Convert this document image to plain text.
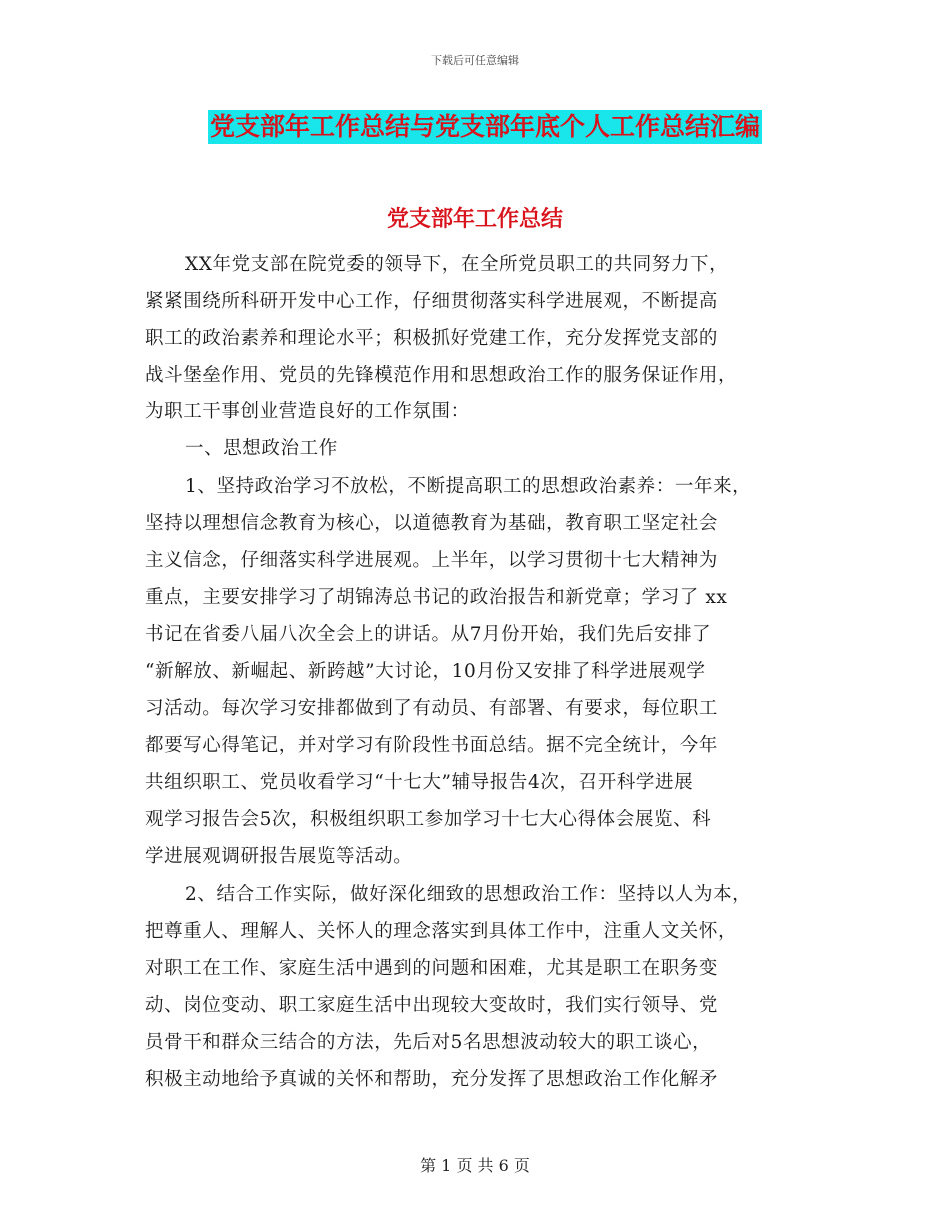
下载后可任意编辑
党支部年工作总结与党支部年底个人工作总结汇编
党支部年工作总结
XX年党支部在院党委的领导下，在全所党员职工的共同努力下，
紧紧围绕所科研开发中心工作，仔细贯彻落实科学进展观，不断提高
职工的政治素养和理论水平；积极抓好党建工作，充分发挥党支部的
战斗堡垒作用、党员的先锋模范作用和思想政治工作的服务保证作用，
为职工干事创业营造良好的工作氛围：
一、思想政治工作
1、坚持政治学习不放松，不断提高职工的思想政治素养：一年来，
坚持以理想信念教育为核心，以道德教育为基础，教育职工坚定社会
主义信念，仔细落实科学进展观。上半年，以学习贯彻十七大精神为
重点，主要安排学习了胡锦涛总书记的政治报告和新党章；学习了 xx
书记在省委八届八次全会上的讲话。从7月份开始，我们先后安排了
“新解放、新崛起、新跨越”大讨论，10月份又安排了科学进展观学
习活动。每次学习安排都做到了有动员、有部署、有要求，每位职工
都要写心得笔记，并对学习有阶段性书面总结。据不完全统计，今年
共组织职工、党员收看学习“十七大”辅导报告4次，召开科学进展
观学习报告会5次，积极组织职工参加学习十七大心得体会展览、科
学进展观调研报告展览等活动。
2、结合工作实际，做好深化细致的思想政治工作：坚持以人为本，
把尊重人、理解人、关怀人的理念落实到具体工作中，注重人文关怀，
对职工在工作、家庭生活中遇到的问题和困难，尤其是职工在职务变
动、岗位变动、职工家庭生活中出现较大变故时，我们实行领导、党
员骨干和群众三结合的方法，先后对5名思想波动较大的职工谈心，
积极主动地给予真诚的关怀和帮助，充分发挥了思想政治工作化解矛
第 1 页 共 6 页
